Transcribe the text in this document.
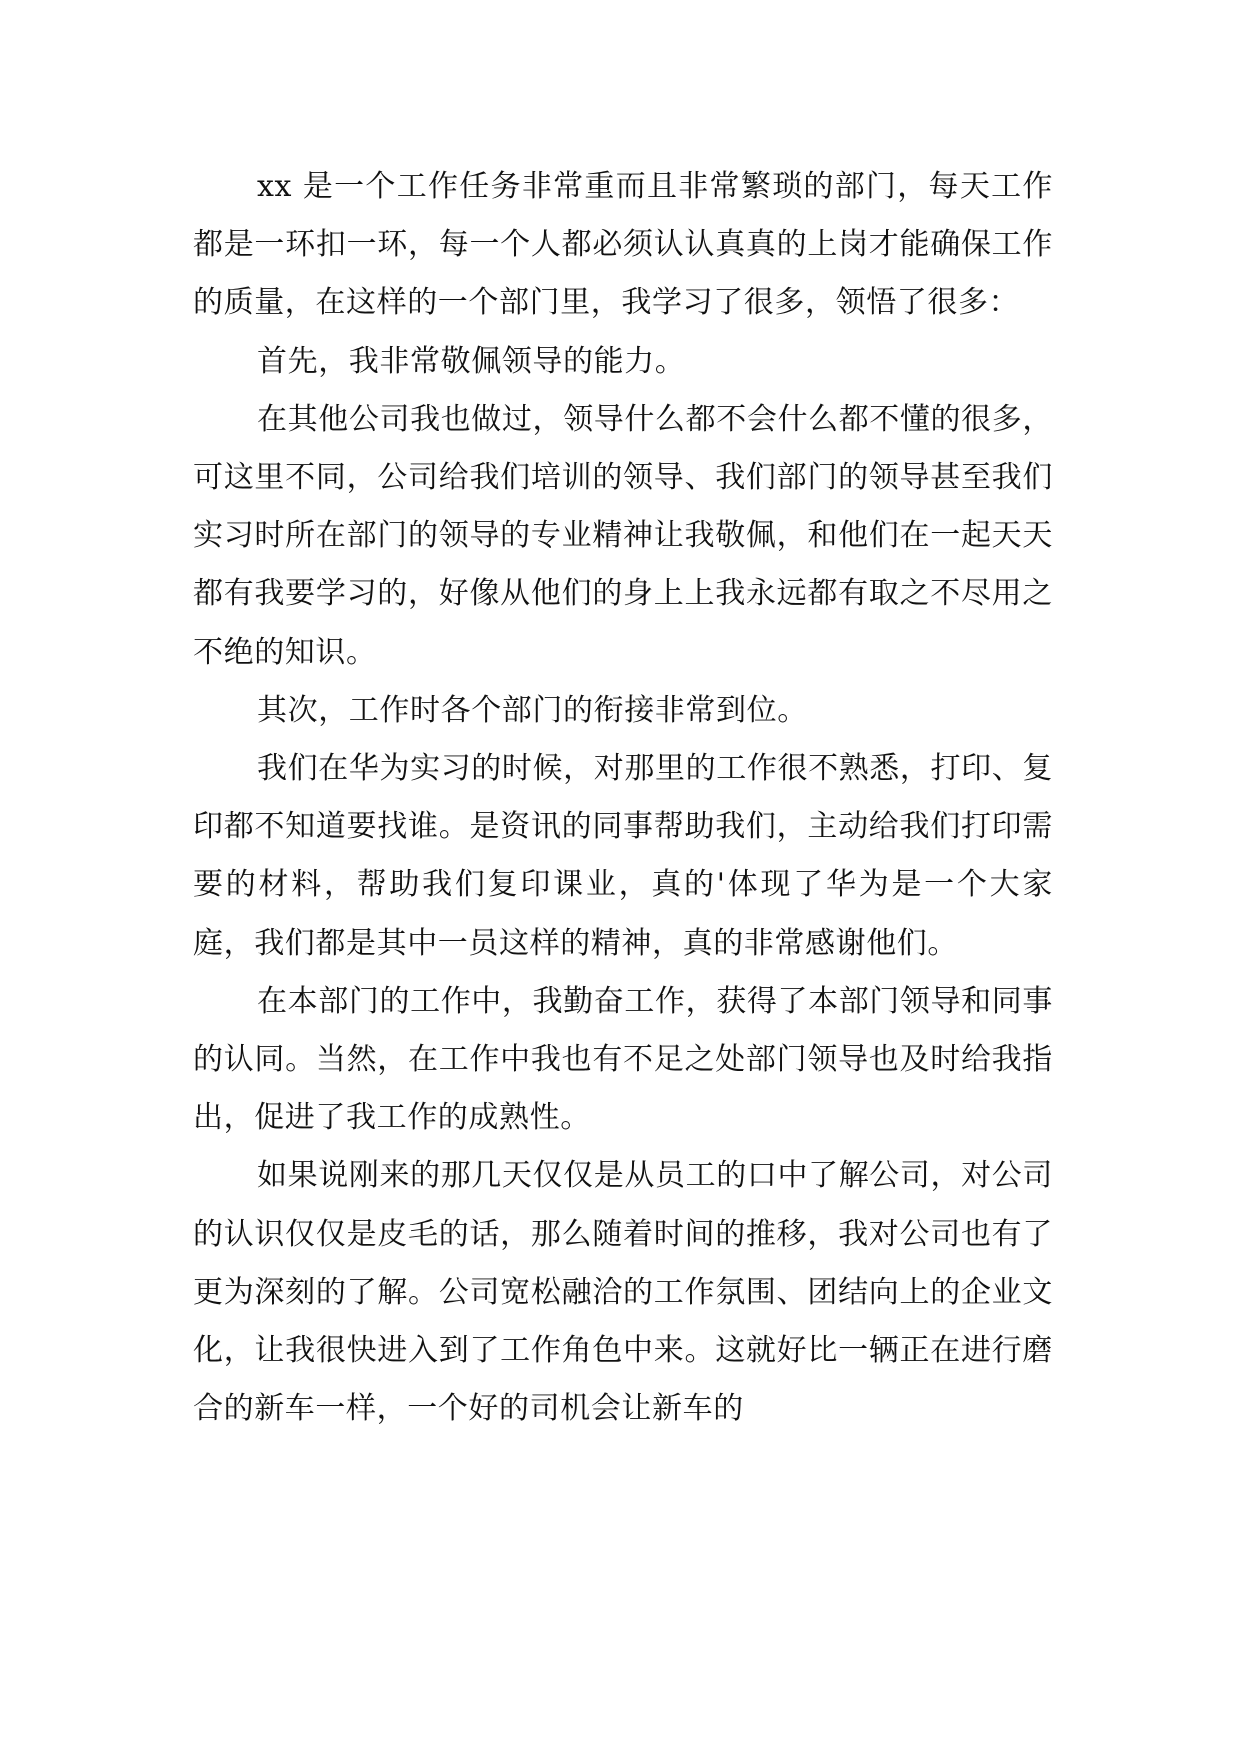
xx 是一个工作任务非常重而且非常繁琐的部门，每天工作都是一环扣一环，每一个人都必须认认真真的上岗才能确保工作的质量，在这样的一个部门里，我学习了很多，领悟了很多：

首先，我非常敬佩领导的能力。

在其他公司我也做过，领导什么都不会什么都不懂的很多，可这里不同，公司给我们培训的领导、我们部门的领导甚至我们实习时所在部门的领导的专业精神让我敬佩，和他们在一起天天都有我要学习的，好像从他们的身上上我永远都有取之不尽用之不绝的知识。

其次，工作时各个部门的衔接非常到位。

我们在华为实习的时候，对那里的工作很不熟悉，打印、复印都不知道要找谁。是资讯的同事帮助我们，主动给我们打印需要的材料，帮助我们复印课业，真的'体现了华为是一个大家庭，我们都是其中一员这样的精神，真的非常感谢他们。

在本部门的工作中，我勤奋工作，获得了本部门领导和同事的认同。当然，在工作中我也有不足之处部门领导也及时给我指出，促进了我工作的成熟性。

如果说刚来的那几天仅仅是从员工的口中了解公司，对公司的认识仅仅是皮毛的话，那么随着时间的推移，我对公司也有了更为深刻的了解。公司宽松融洽的工作氛围、团结向上的企业文化，让我很快进入到了工作角色中来。这就好比一辆正在进行磨合的新车一样，一个好的司机会让新车的
